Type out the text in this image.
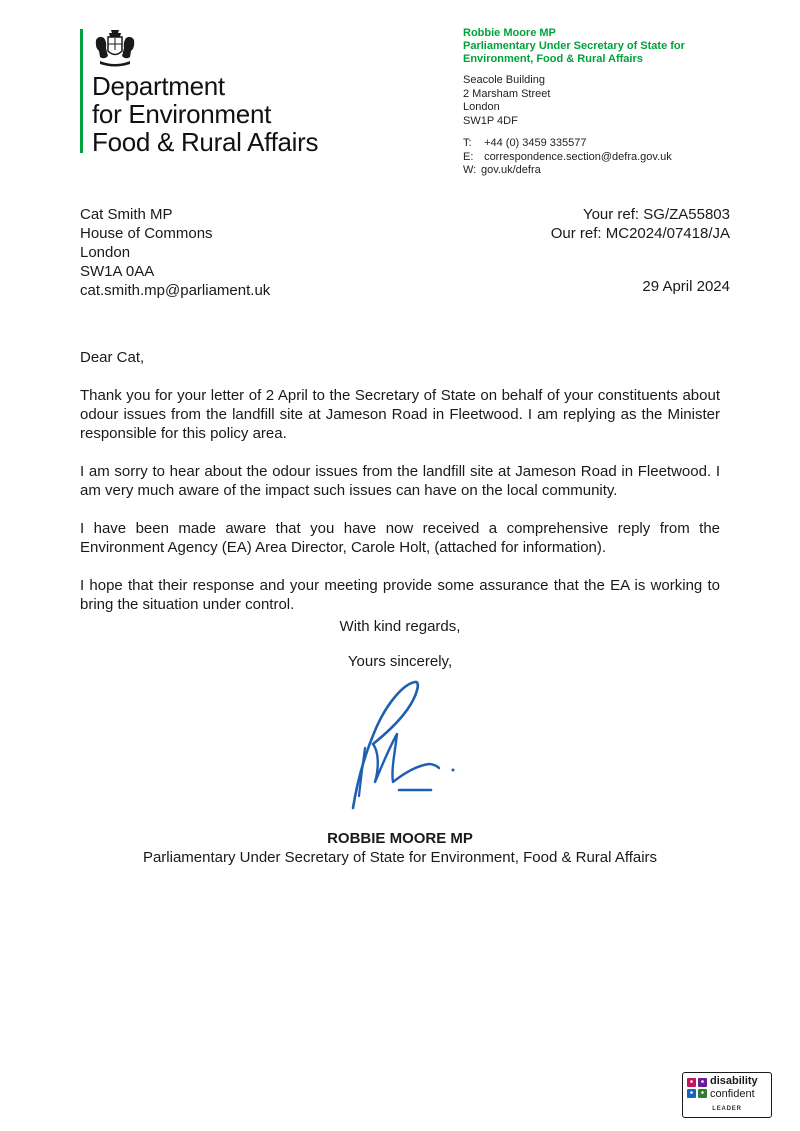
Department
for Environment
Food & Rural Affairs
Robbie Moore MP
Parliamentary Under Secretary of State for
Environment, Food & Rural Affairs
Seacole Building
2 Marsham Street
London
SW1P 4DF
T: +44 (0) 3459 335577
E: correspondence.section@defra.gov.uk
W: gov.uk/defra
Cat Smith MP
House of Commons
London
SW1A 0AA
cat.smith.mp@parliament.uk
Your ref: SG/ZA55803
Our ref: MC2024/07418/JA
29 April 2024

Dear Cat,

Thank you for your letter of 2 April to the Secretary of State on behalf of your constituents about odour issues from the landfill site at Jameson Road in Fleetwood. I am replying as the Minister responsible for this policy area.

I am sorry to hear about the odour issues from the landfill site at Jameson Road in Fleetwood. I am very much aware of the impact such issues can have on the local community.

I have been made aware that you have now received a comprehensive reply from the Environment Agency (EA) Area Director, Carole Holt, (attached for information).

I hope that their response and your meeting provide some assurance that the EA is working to bring the situation under control.

With kind regards,
Yours sincerely,
ROBBIE MOORE MP
Parliamentary Under Secretary of State for Environment, Food & Rural Affairs
disability
confident
LEADER
